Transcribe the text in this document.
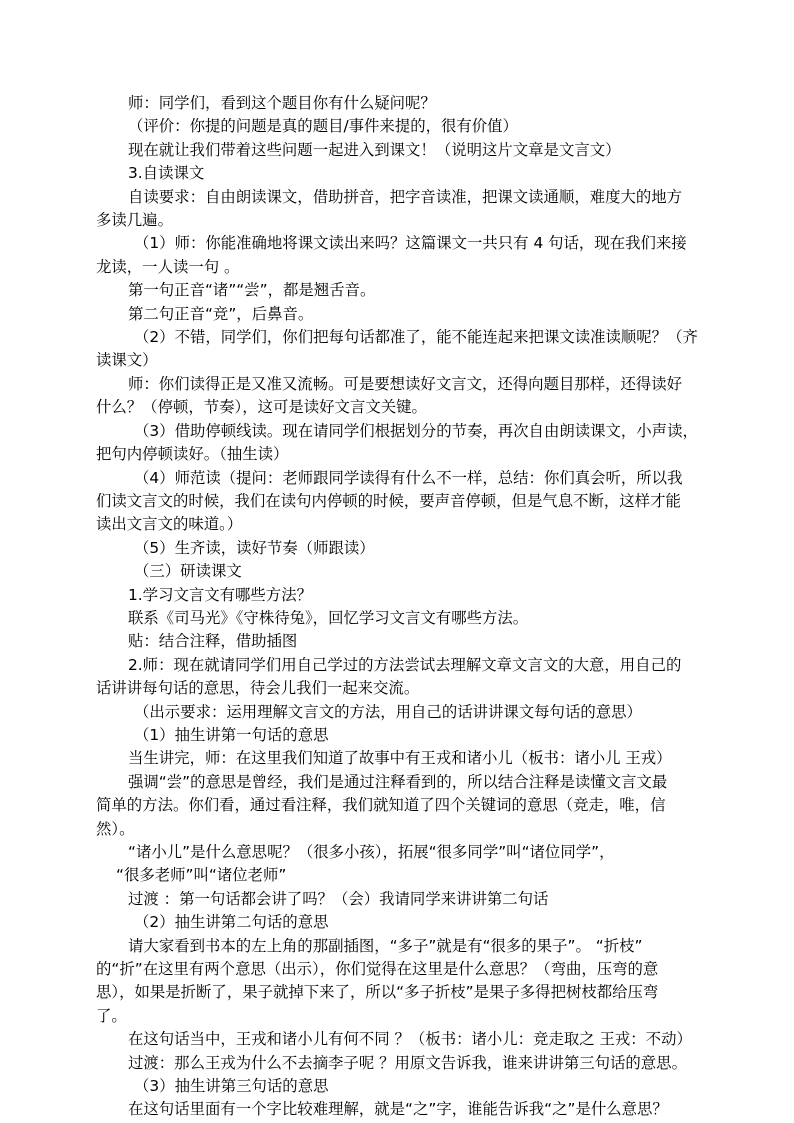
师：同学们，看到这个题目你有什么疑问呢？
（评价：你提的问题是真的题目/事件来提的，很有价值）
现在就让我们带着这些问题一起进入到课文！（说明这片文章是文言文）
3.自读课文
自读要求：自由朗读课文，借助拼音，把字音读准，把课文读通顺，难度大的地方
多读几遍。
（1）师：你能准确地将课文读出来吗？这篇课文一共只有 4 句话，现在我们来接
龙读，一人读一句 。
第一句正音“诸”“尝”，都是翘舌音。
第二句正音“竞”，后鼻音。
（2）不错，同学们，你们把每句话都准了，能不能连起来把课文读准读顺呢？（齐
读课文）
师：你们读得正是又准又流畅。可是要想读好文言文，还得向题目那样，还得读好
什么？（停顿，节奏），这可是读好文言文关键。
（3）借助停顿线读。现在请同学们根据划分的节奏，再次自由朗读课文，小声读，
把句内停顿读好。（抽生读）
（4）师范读（提问：老师跟同学读得有什么不一样，总结：你们真会听，所以我
们读文言文的时候，我们在读句内停顿的时候，要声音停顿，但是气息不断，这样才能
读出文言文的味道。）
（5）生齐读，读好节奏（师跟读）
（三）研读课文
1.学习文言文有哪些方法？
联系《司马光》《守株待兔》，回忆学习文言文有哪些方法。
贴：结合注释，借助插图
2.师：现在就请同学们用自己学过的方法尝试去理解文章文言文的大意，用自己的
话讲讲每句话的意思，待会儿我们一起来交流。
（出示要求：运用理解文言文的方法，用自己的话讲讲课文每句话的意思）
（1）抽生讲第一句话的意思
当生讲完，师：在这里我们知道了故事中有王戎和诸小儿（板书：诸小儿 王戎）
强调“尝”的意思是曾经，我们是通过注释看到的，所以结合注释是读懂文言文最
简单的方法。你们看，通过看注释，我们就知道了四个关键词的意思（竞走，唯，信
然）。
“诸小儿”是什么意思呢？（很多小孩），拓展“很多同学”叫“诸位同学”，
“很多老师”叫“诸位老师”
过渡 ：第一句话都会讲了吗？（会）我请同学来讲讲第二句话
（2）抽生讲第二句话的意思
请大家看到书本的左上角的那副插图，“多子”就是有“很多的果子”。 “折枝”
的“折”在这里有两个意思（出示），你们觉得在这里是什么意思？（弯曲，压弯的意
思），如果是折断了，果子就掉下来了，所以“多子折枝”是果子多得把树枝都给压弯
了。
在这句话当中，王戎和诸小儿有何不同 ？（板书：诸小儿：竞走取之 王戎：不动）
过渡：那么王戎为什么不去摘李子呢 ？用原文告诉我，谁来讲讲第三句话的意思。
（3）抽生讲第三句话的意思
在这句话里面有一个字比较难理解，就是“之”字，谁能告诉我“之”是什么意思？
